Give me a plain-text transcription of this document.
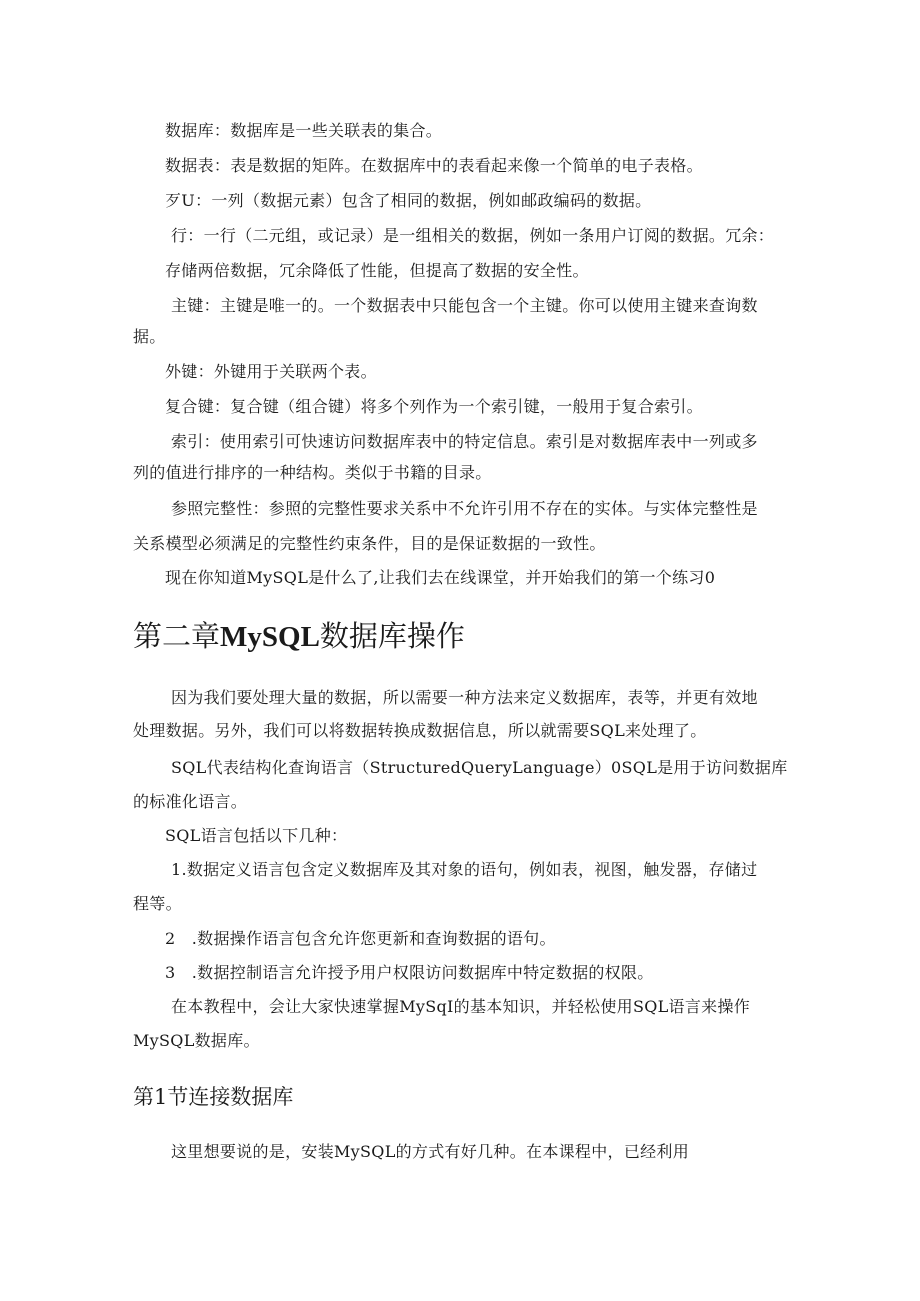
数据库：数据库是一些关联表的集合。
数据表：表是数据的矩阵。在数据库中的表看起来像一个简单的电子表格。
歹U：一列（数据元素）包含了相同的数据，例如邮政编码的数据。
行：一行（二元组，或记录）是一组相关的数据，例如一条用户订阅的数据。冗余：
存储两倍数据，冗余降低了性能，但提高了数据的安全性。
主键：主键是唯一的。一个数据表中只能包含一个主键。你可以使用主键来查询数
据。
外键：外键用于关联两个表。
复合键：复合键（组合键）将多个列作为一个索引键，一般用于复合索引。
索引：使用索引可快速访问数据库表中的特定信息。索引是对数据库表中一列或多
列的值进行排序的一种结构。类似于书籍的目录。
参照完整性：参照的完整性要求关系中不允许引用不存在的实体。与实体完整性是
关系模型必须满足的完整性约束条件，目的是保证数据的一致性。
现在你知道MySQL是什么了,让我们去在线课堂，并开始我们的第一个练习0
第二章MySQL数据库操作
因为我们要处理大量的数据，所以需要一种方法来定义数据库，表等，并更有效地
处理数据。另外，我们可以将数据转换成数据信息，所以就需要SQL来处理了。
SQL代表结构化查询语言（StructuredQueryLanguage）0SQL是用于访问数据库
的标准化语言。
SQL语言包括以下几种：
1.数据定义语言包含定义数据库及其对象的语句，例如表，视图，触发器，存储过
程等。
2　.数据操作语言包含允许您更新和查询数据的语句。
3　.数据控制语言允许授予用户权限访问数据库中特定数据的权限。
在本教程中，会让大家快速掌握MySqI的基本知识，并轻松使用SQL语言来操作
MySQL数据库。
第1节连接数据库
这里想要说的是，安装MySQL的方式有好几种。在本课程中，已经利用
